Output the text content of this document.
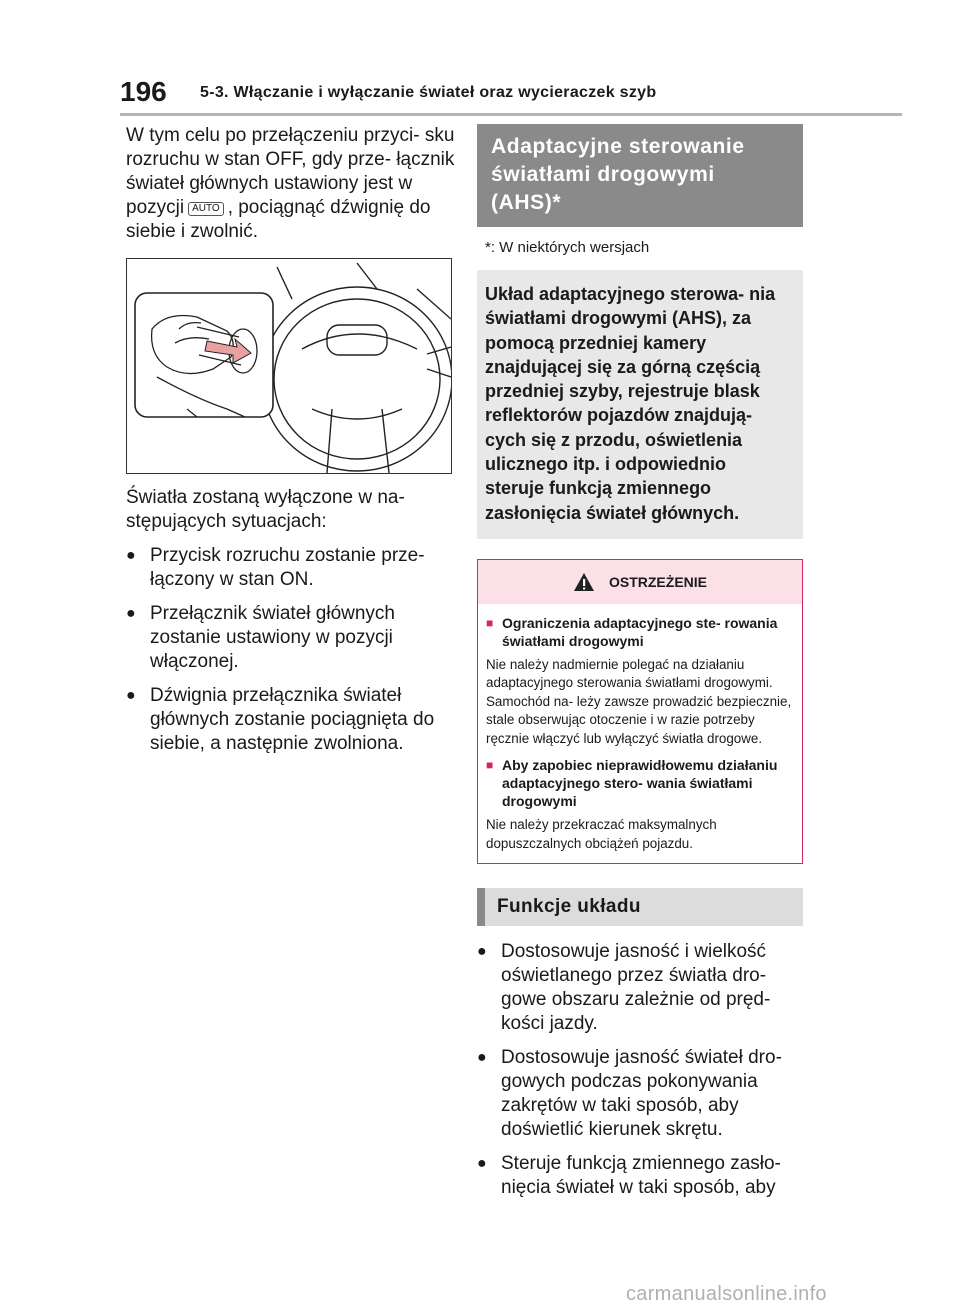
196 5-3. Włączanie i wyłączanie świateł oraz wycieraczek szyb

W tym celu po przełączeniu przyci- sku rozruchu w stan OFF, gdy prze- łącznik świateł głównych ustawiony jest w pozycji AUTO , pociągnąć dźwignię do siebie i zwolnić.

Światła zostaną wyłączone w na- stępujących sytuacjach:

● Przycisk rozruchu zostanie prze- łączony w stan ON.
● Przełącznik świateł głównych zostanie ustawiony w pozycji włączonej.
● Dźwignia przełącznika świateł głównych zostanie pociągnięta do siebie, a następnie zwolniona.
Adaptacyjne sterowanie światłami drogowymi (AHS)*
*: W niektórych wersjach
Układ adaptacyjnego sterowa- nia światłami drogowymi (AHS), za pomocą przedniej kamery znajdującej się za górną częścią przedniej szyby, rejestruje blask reflektorów pojazdów znajdują- cych się z przodu, oświetlenia ulicznego itp. i odpowiednio steruje funkcją zmiennego zasłonięcia świateł głównych.
OSTRZEŻENIE
■ Ograniczenia adaptacyjnego ste- rowania światłami drogowymi

Nie należy nadmiernie polegać na działaniu adaptacyjnego sterowania światłami drogowymi. Samochód na- leży zawsze prowadzić bezpiecznie, stale obserwując otoczenie i w razie potrzeby ręcznie włączyć lub wyłączyć światła drogowe.

■ Aby zapobiec nieprawidłowemu działaniu adaptacyjnego stero- wania światłami drogowymi

Nie należy przekraczać maksymalnych dopuszczalnych obciążeń pojazdu.

Funkcje układu
● Dostosowuje jasność i wielkość oświetlanego przez światła dro- gowe obszaru zależnie od pręd- kości jazdy.
● Dostosowuje jasność świateł dro- gowych podczas pokonywania zakrętów w taki sposób, aby doświetlić kierunek skrętu.
● Steruje funkcją zmiennego zasło- nięcia świateł w taki sposób, aby
carmanualsonline.info
